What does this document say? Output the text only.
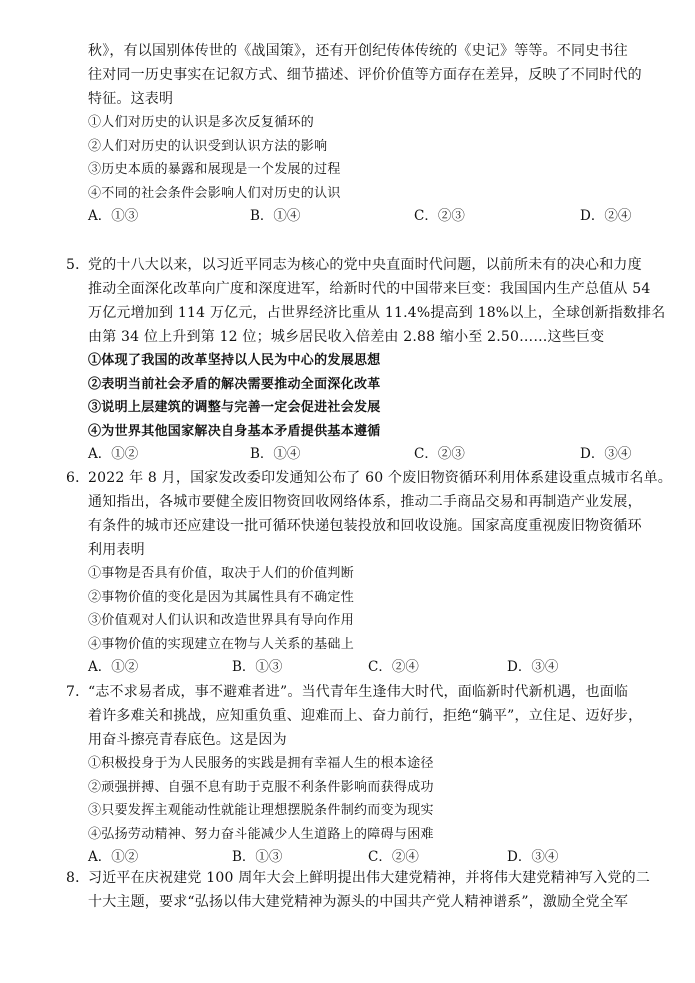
秋》，有以国别体传世的《战国策》，还有开创纪传体传统的《史记》等等。不同史书往
往对同一历史事实在记叙方式、细节描述、评价价值等方面存在差异，反映了不同时代的
特征。这表明
①人们对历史的认识是多次反复循环的
②人们对历史的认识受到认识方法的影响
③历史本质的暴露和展现是一个发展的过程
④不同的社会条件会影响人们对历史的认识
A．①③	B．①④	C．②③	D．②④
5．
党的十八大以来，以习近平同志为核心的党中央直面时代问题，以前所未有的决心和力度
推动全面深化改革向广度和深度进军，给新时代的中国带来巨变：我国国内生产总值从 54
万亿元增加到 114 万亿元，占世界经济比重从 11.4%提高到 18%以上，全球创新指数排名
由第 34 位上升到第 12 位；城乡居民收入倍差由 2.88 缩小至 2.50……这些巨变
①体现了我国的改革坚持以人民为中心的发展思想
②表明当前社会矛盾的解决需要推动全面深化改革
③说明上层建筑的调整与完善一定会促进社会发展
④为世界其他国家解决自身基本矛盾提供基本遵循
A．①②	B．①④	C．②③	D．③④
6．
2022 年 8 月，国家发改委印发通知公布了 60 个废旧物资循环利用体系建设重点城市名单。
通知指出，各城市要健全废旧物资回收网络体系，推动二手商品交易和再制造产业发展，
有条件的城市还应建设一批可循环快递包装投放和回收设施。国家高度重视废旧物资循环
利用表明
①事物是否具有价值，取决于人们的价值判断
②事物价值的变化是因为其属性具有不确定性
③价值观对人们认识和改造世界具有导向作用
④事物价值的实现建立在物与人关系的基础上
A．①②	B．①③	C．②④	D．③④
7．
“志不求易者成，事不避难者进”。当代青年生逢伟大时代，面临新时代新机遇，也面临
着许多难关和挑战，应知重负重、迎难而上、奋力前行，拒绝“躺平”，立住足、迈好步，
用奋斗擦亮青春底色。这是因为
①积极投身于为人民服务的实践是拥有幸福人生的根本途径
②顽强拼搏、自强不息有助于克服不利条件影响而获得成功
③只要发挥主观能动性就能让理想摆脱条件制约而变为现实
④弘扬劳动精神、努力奋斗能减少人生道路上的障碍与困难
A．①②	B．①③	C．②④	D．③④
8．
习近平在庆祝建党 100 周年大会上鲜明提出伟大建党精神，并将伟大建党精神写入党的二
十大主题，要求“弘扬以伟大建党精神为源头的中国共产党人精神谱系”，激励全党全军
